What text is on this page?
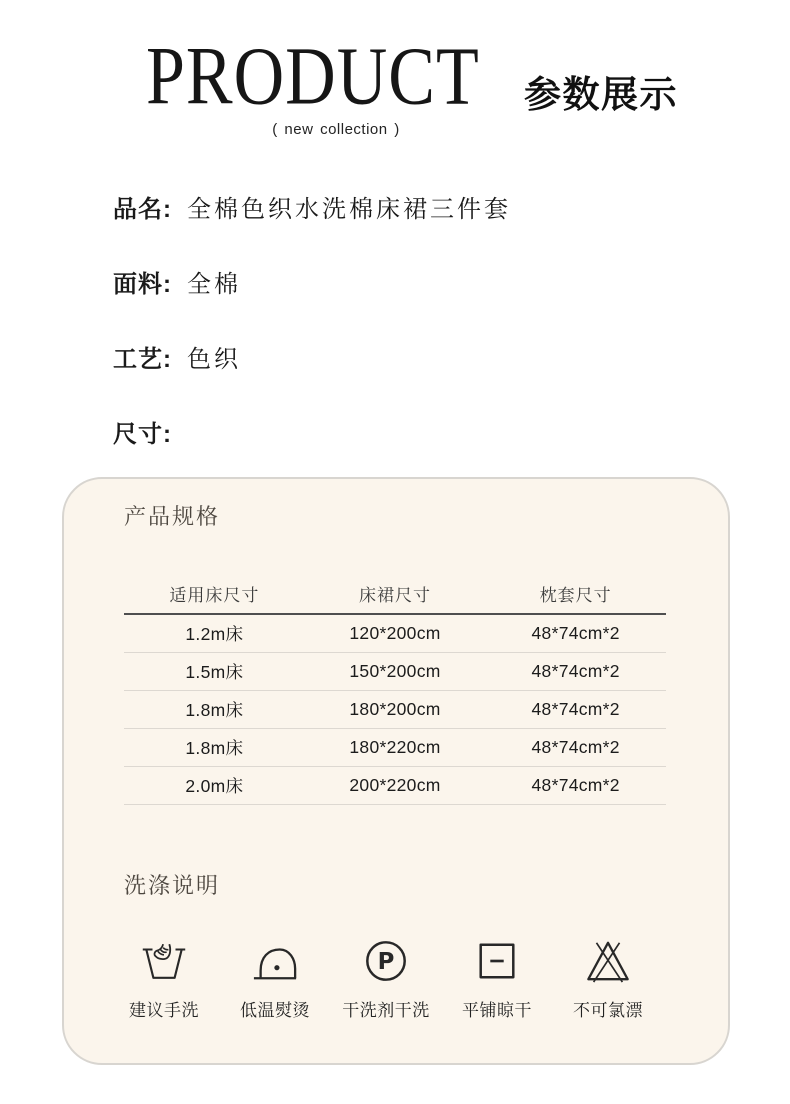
PRODUCT
( new collection )
参数展示
品名: 全棉色织水洗棉床裙三件套
面料: 全棉
工艺: 色织
尺寸:
产品规格
适用床尺寸	床裙尺寸	枕套尺寸
1.2m床	120*200cm	48*74cm*2
1.5m床	150*200cm	48*74cm*2
1.8m床	180*200cm	48*74cm*2
1.8m床	180*220cm	48*74cm*2
2.0m床	200*220cm	48*74cm*2
洗涤说明
建议手洗 低温熨烫
P
干洗剂干洗 平铺晾干 不可氯漂
